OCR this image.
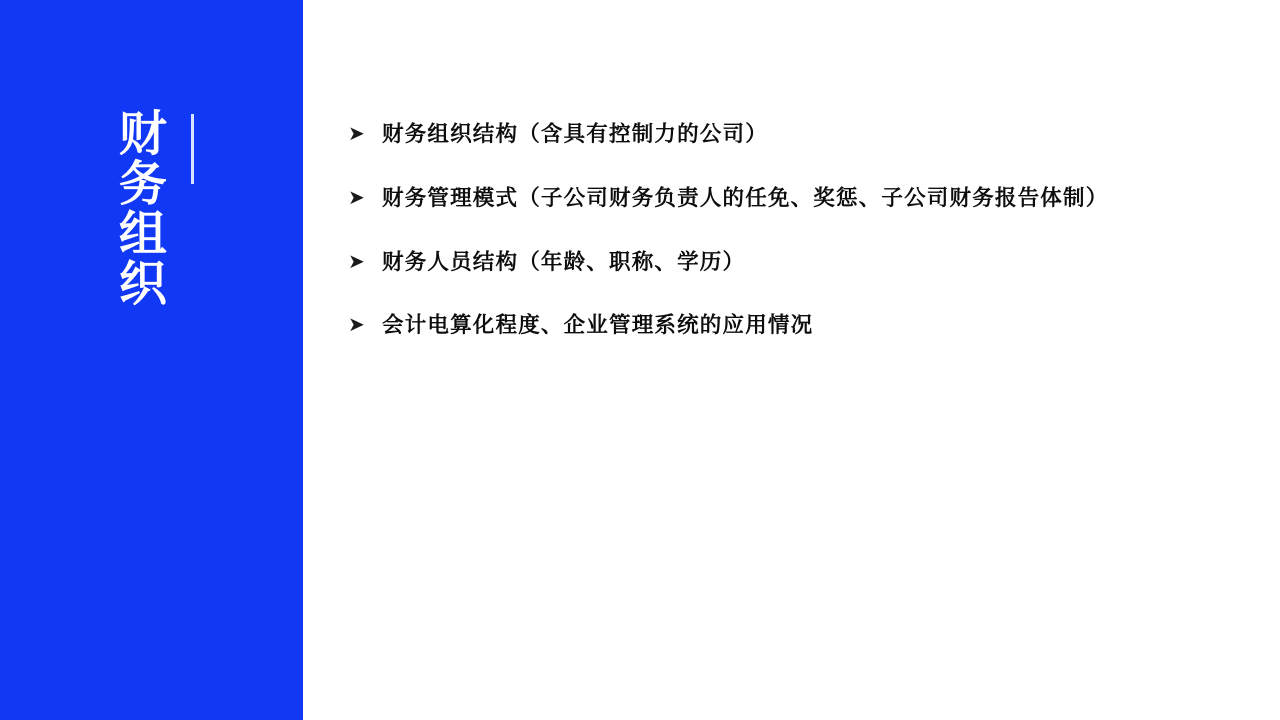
财务组织	➤ 财务组织结构（含具有控制力的公司）
➤ 财务管理模式（子公司财务负责人的任免、奖惩、子公司财务报告体制）
➤ 财务人员结构（年龄、职称、学历）
➤ 会计电算化程度、企业管理系统的应用情况
